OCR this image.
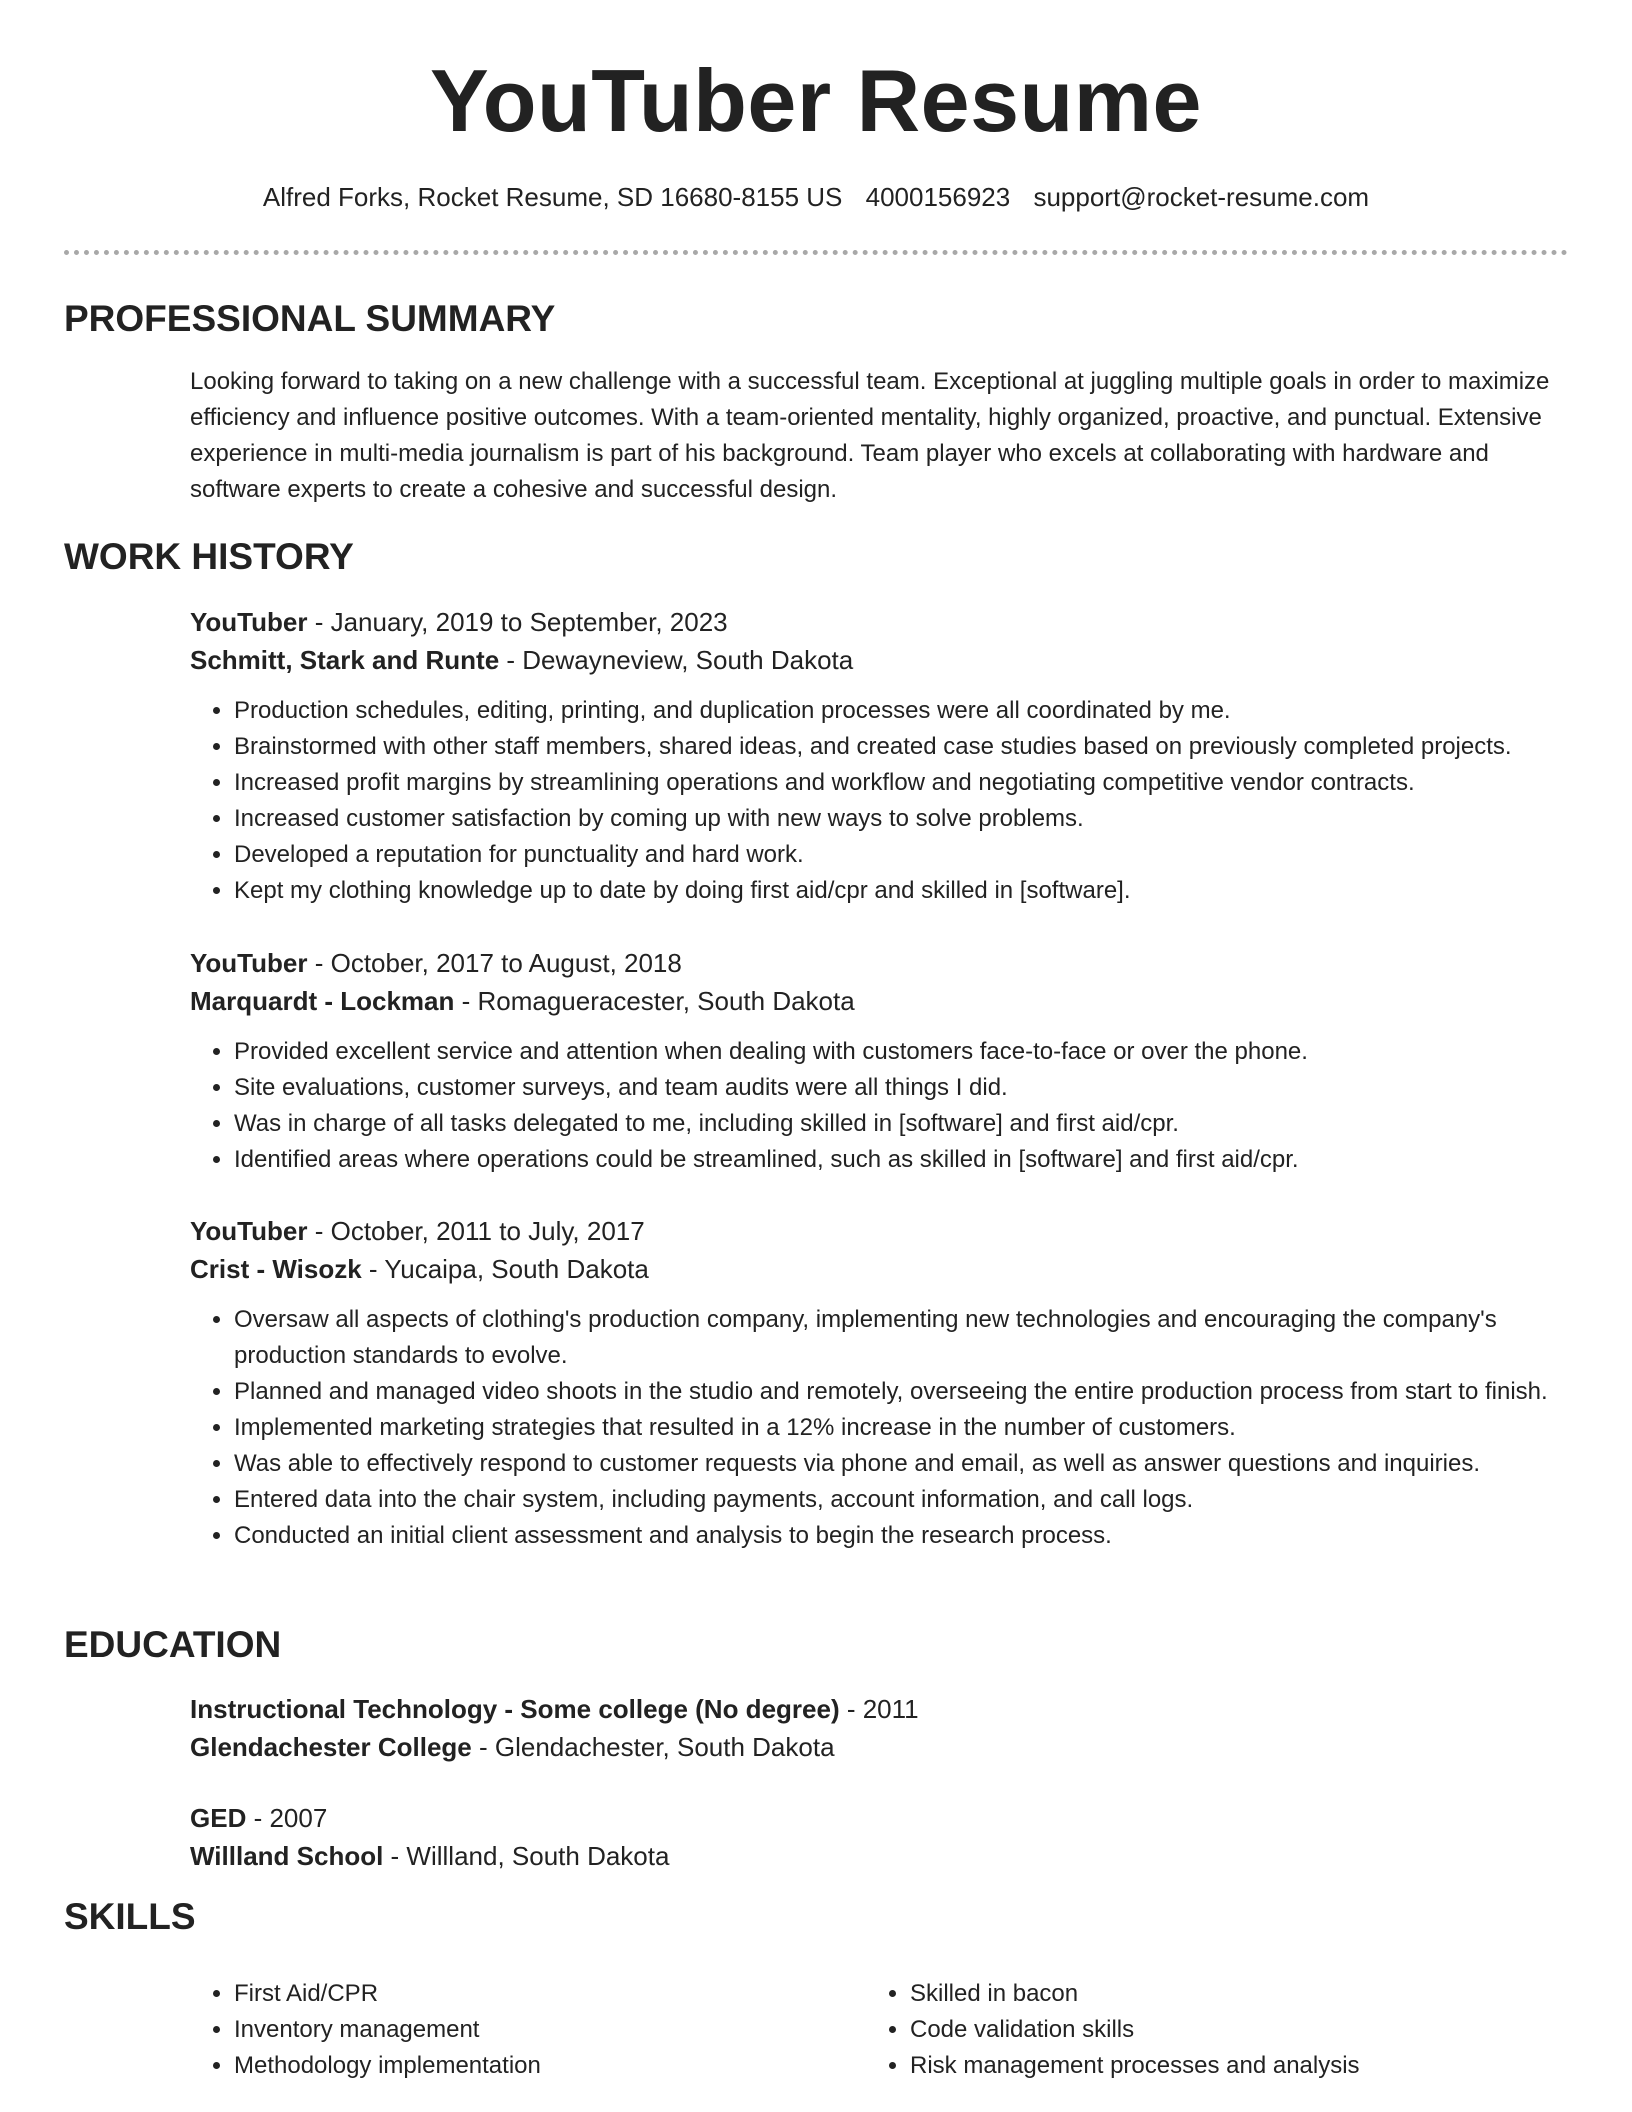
YouTuber Resume
Alfred Forks, Rocket Resume, SD 16680-8155 US 4000156923 support@rocket-resume.com
PROFESSIONAL SUMMARY

Looking forward to taking on a new challenge with a successful team. Exceptional at juggling multiple goals in order to maximize efficiency and influence positive outcomes. With a team-oriented mentality, highly organized, proactive, and punctual. Extensive experience in multi-media journalism is part of his background. Team player who excels at collaborating with hardware and software experts to create a cohesive and successful design.

WORK HISTORY
YouTuber - January, 2019 to September, 2023
Schmitt, Stark and Runte - Dewayneview, South Dakota
• Production schedules, editing, printing, and duplication processes were all coordinated by me.
• Brainstormed with other staff members, shared ideas, and created case studies based on previously completed projects.
• Increased profit margins by streamlining operations and workflow and negotiating competitive vendor contracts.
• Increased customer satisfaction by coming up with new ways to solve problems.
• Developed a reputation for punctuality and hard work.
• Kept my clothing knowledge up to date by doing first aid/cpr and skilled in [software].
YouTuber - October, 2017 to August, 2018
Marquardt - Lockman - Romagueracester, South Dakota
• Provided excellent service and attention when dealing with customers face-to-face or over the phone.
• Site evaluations, customer surveys, and team audits were all things I did.
• Was in charge of all tasks delegated to me, including skilled in [software] and first aid/cpr.
• Identified areas where operations could be streamlined, such as skilled in [software] and first aid/cpr.
YouTuber - October, 2011 to July, 2017
Crist - Wisozk - Yucaipa, South Dakota
• Oversaw all aspects of clothing's production company, implementing new technologies and encouraging the company's production standards to evolve.
• Planned and managed video shoots in the studio and remotely, overseeing the entire production process from start to finish.
• Implemented marketing strategies that resulted in a 12% increase in the number of customers.
• Was able to effectively respond to customer requests via phone and email, as well as answer questions and inquiries.
• Entered data into the chair system, including payments, account information, and call logs.
• Conducted an initial client assessment and analysis to begin the research process.
EDUCATION
Instructional Technology - Some college (No degree) - 2011
Glendachester College - Glendachester, South Dakota
GED - 2007
Willland School - Willland, South Dakota
SKILLS
• First Aid/CPR
• Inventory management
• Methodology implementation
• Skilled in bacon
• Code validation skills
• Risk management processes and analysis
